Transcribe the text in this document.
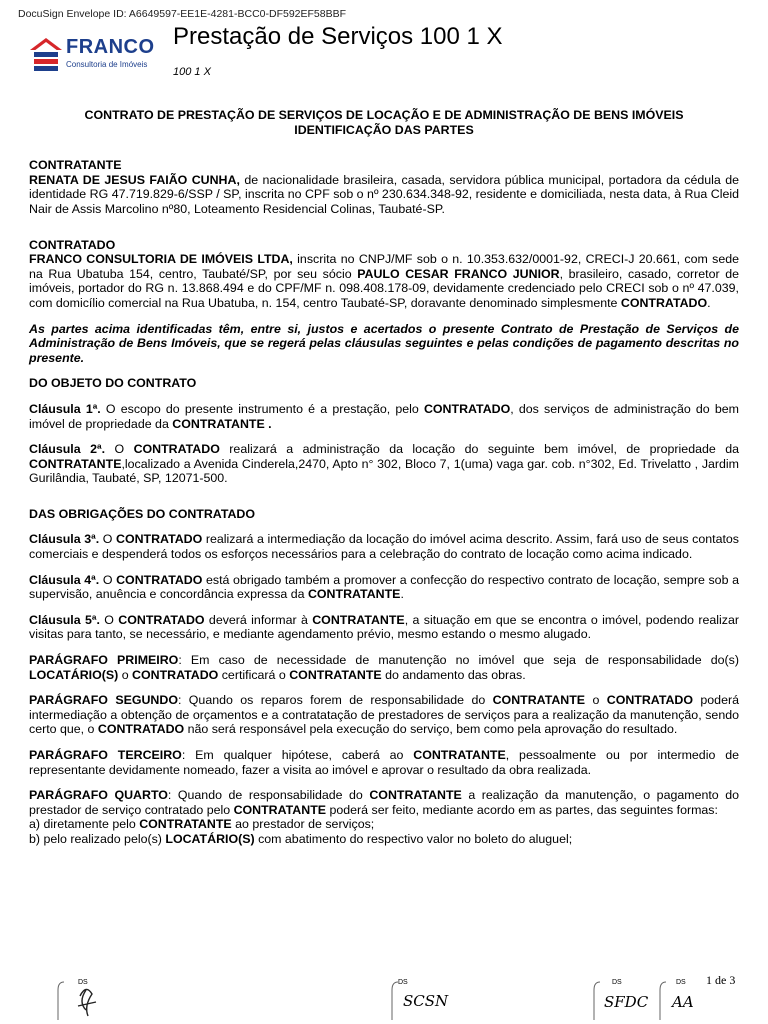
DocuSign Envelope ID: A6649597-EE1E-4281-BCC0-DF592EF58BBF
FRANCO
Consultoria de Imóveis
Prestação de Serviços 100 1 X
100 1 X

CONTRATO DE PRESTAÇÃO DE SERVIÇOS DE LOCAÇÃO E DE ADMINISTRAÇÃO DE BENS IMÓVEIS
IDENTIFICAÇÃO DAS PARTES

CONTRATANTE
RENATA DE JESUS FAIÃO CUNHA, de nacionalidade brasileira, casada, servidora pública municipal, portadora da cédula de identidade RG 47.719.829-6/SSP / SP, inscrita no CPF sob o nº 230.634.348-92, residente e domiciliada, nesta data, à Rua Cleid Nair de Assis Marcolino nº80, Loteamento Residencial Colinas, Taubaté-SP.

CONTRATADO
FRANCO CONSULTORIA DE IMÓVEIS LTDA, inscrita no CNPJ/MF sob o n. 10.353.632/0001-92, CRECI-J 20.661, com sede na Rua Ubatuba 154, centro, Taubaté/SP, por seu sócio PAULO CESAR FRANCO JUNIOR, brasileiro, casado, corretor de imóveis, portador do RG n. 13.868.494 e do CPF/MF n. 098.408.178-09, devidamente credenciado pelo CRECI sob o nº 47.039, com domicílio comercial na Rua Ubatuba, n. 154, centro Taubaté-SP, doravante denominado simplesmente CONTRATADO.

As partes acima identificadas têm, entre si, justos e acertados o presente Contrato de Prestação de Serviços de Administração de Bens Imóveis, que se regerá pelas cláusulas seguintes e pelas condições de pagamento descritas no presente.

DO OBJETO DO CONTRATO

Cláusula 1ª. O escopo do presente instrumento é a prestação, pelo CONTRATADO, dos serviços de administração do bem imóvel de propriedade da CONTRATANTE .

Cláusula 2ª. O CONTRATADO realizará a administração da locação do seguinte bem imóvel, de propriedade da CONTRATANTE,localizado a Avenida Cinderela,2470, Apto n° 302, Bloco 7, 1(uma) vaga gar. cob. n°302, Ed. Trivelatto , Jardim Gurilândia, Taubaté, SP, 12071-500.

DAS OBRIGAÇÕES DO CONTRATADO

Cláusula 3ª. O CONTRATADO realizará a intermediação da locação do imóvel acima descrito. Assim, fará uso de seus contatos comerciais e despenderá todos os esforços necessários para a celebração do contrato de locação como acima indicado.

Cláusula 4ª. O CONTRATADO está obrigado também a promover a confecção do respectivo contrato de locação, sempre sob a supervisão, anuência e concordância expressa da CONTRATANTE.

Cláusula 5ª. O CONTRATADO deverá informar à CONTRATANTE, a situação em que se encontra o imóvel, podendo realizar visitas para tanto, se necessário, e mediante agendamento prévio, mesmo estando o mesmo alugado.

PARÁGRAFO PRIMEIRO: Em caso de necessidade de manutenção no imóvel que seja de responsabilidade do(s) LOCATÁRIO(S) o CONTRATADO certificará o CONTRATANTE do andamento das obras.

PARÁGRAFO SEGUNDO: Quando os reparos forem de responsabilidade do CONTRATANTE o CONTRATADO poderá intermediação a obtenção de orçamentos e a contratatação de prestadores de serviços para a realização da manutenção, sendo certo que, o CONTRATADO não será responsável pela execução do serviço, bem como pela aprovação do resultado.

PARÁGRAFO TERCEIRO: Em qualquer hipótese, caberá ao CONTRATANTE, pessoalmente ou por intermedio de representante devidamente nomeado, fazer a visita ao imóvel e aprovar o resultado da obra realizada.

PARÁGRAFO QUARTO: Quando de responsabilidade do CONTRATANTE a realização da manutenção, o pagamento do prestador de serviço contratado pelo CONTRATANTE poderá ser feito, mediante acordo em as partes, das seguintes formas:
a) diretamente pelo CONTRATANTE ao prestador de serviços;
b) pelo realizado pelo(s) LOCATÁRIO(S) com abatimento do respectivo valor no boleto do aluguel;

1 de 3
DS	DS
SCSN
DS
SFDC
DS
AA
